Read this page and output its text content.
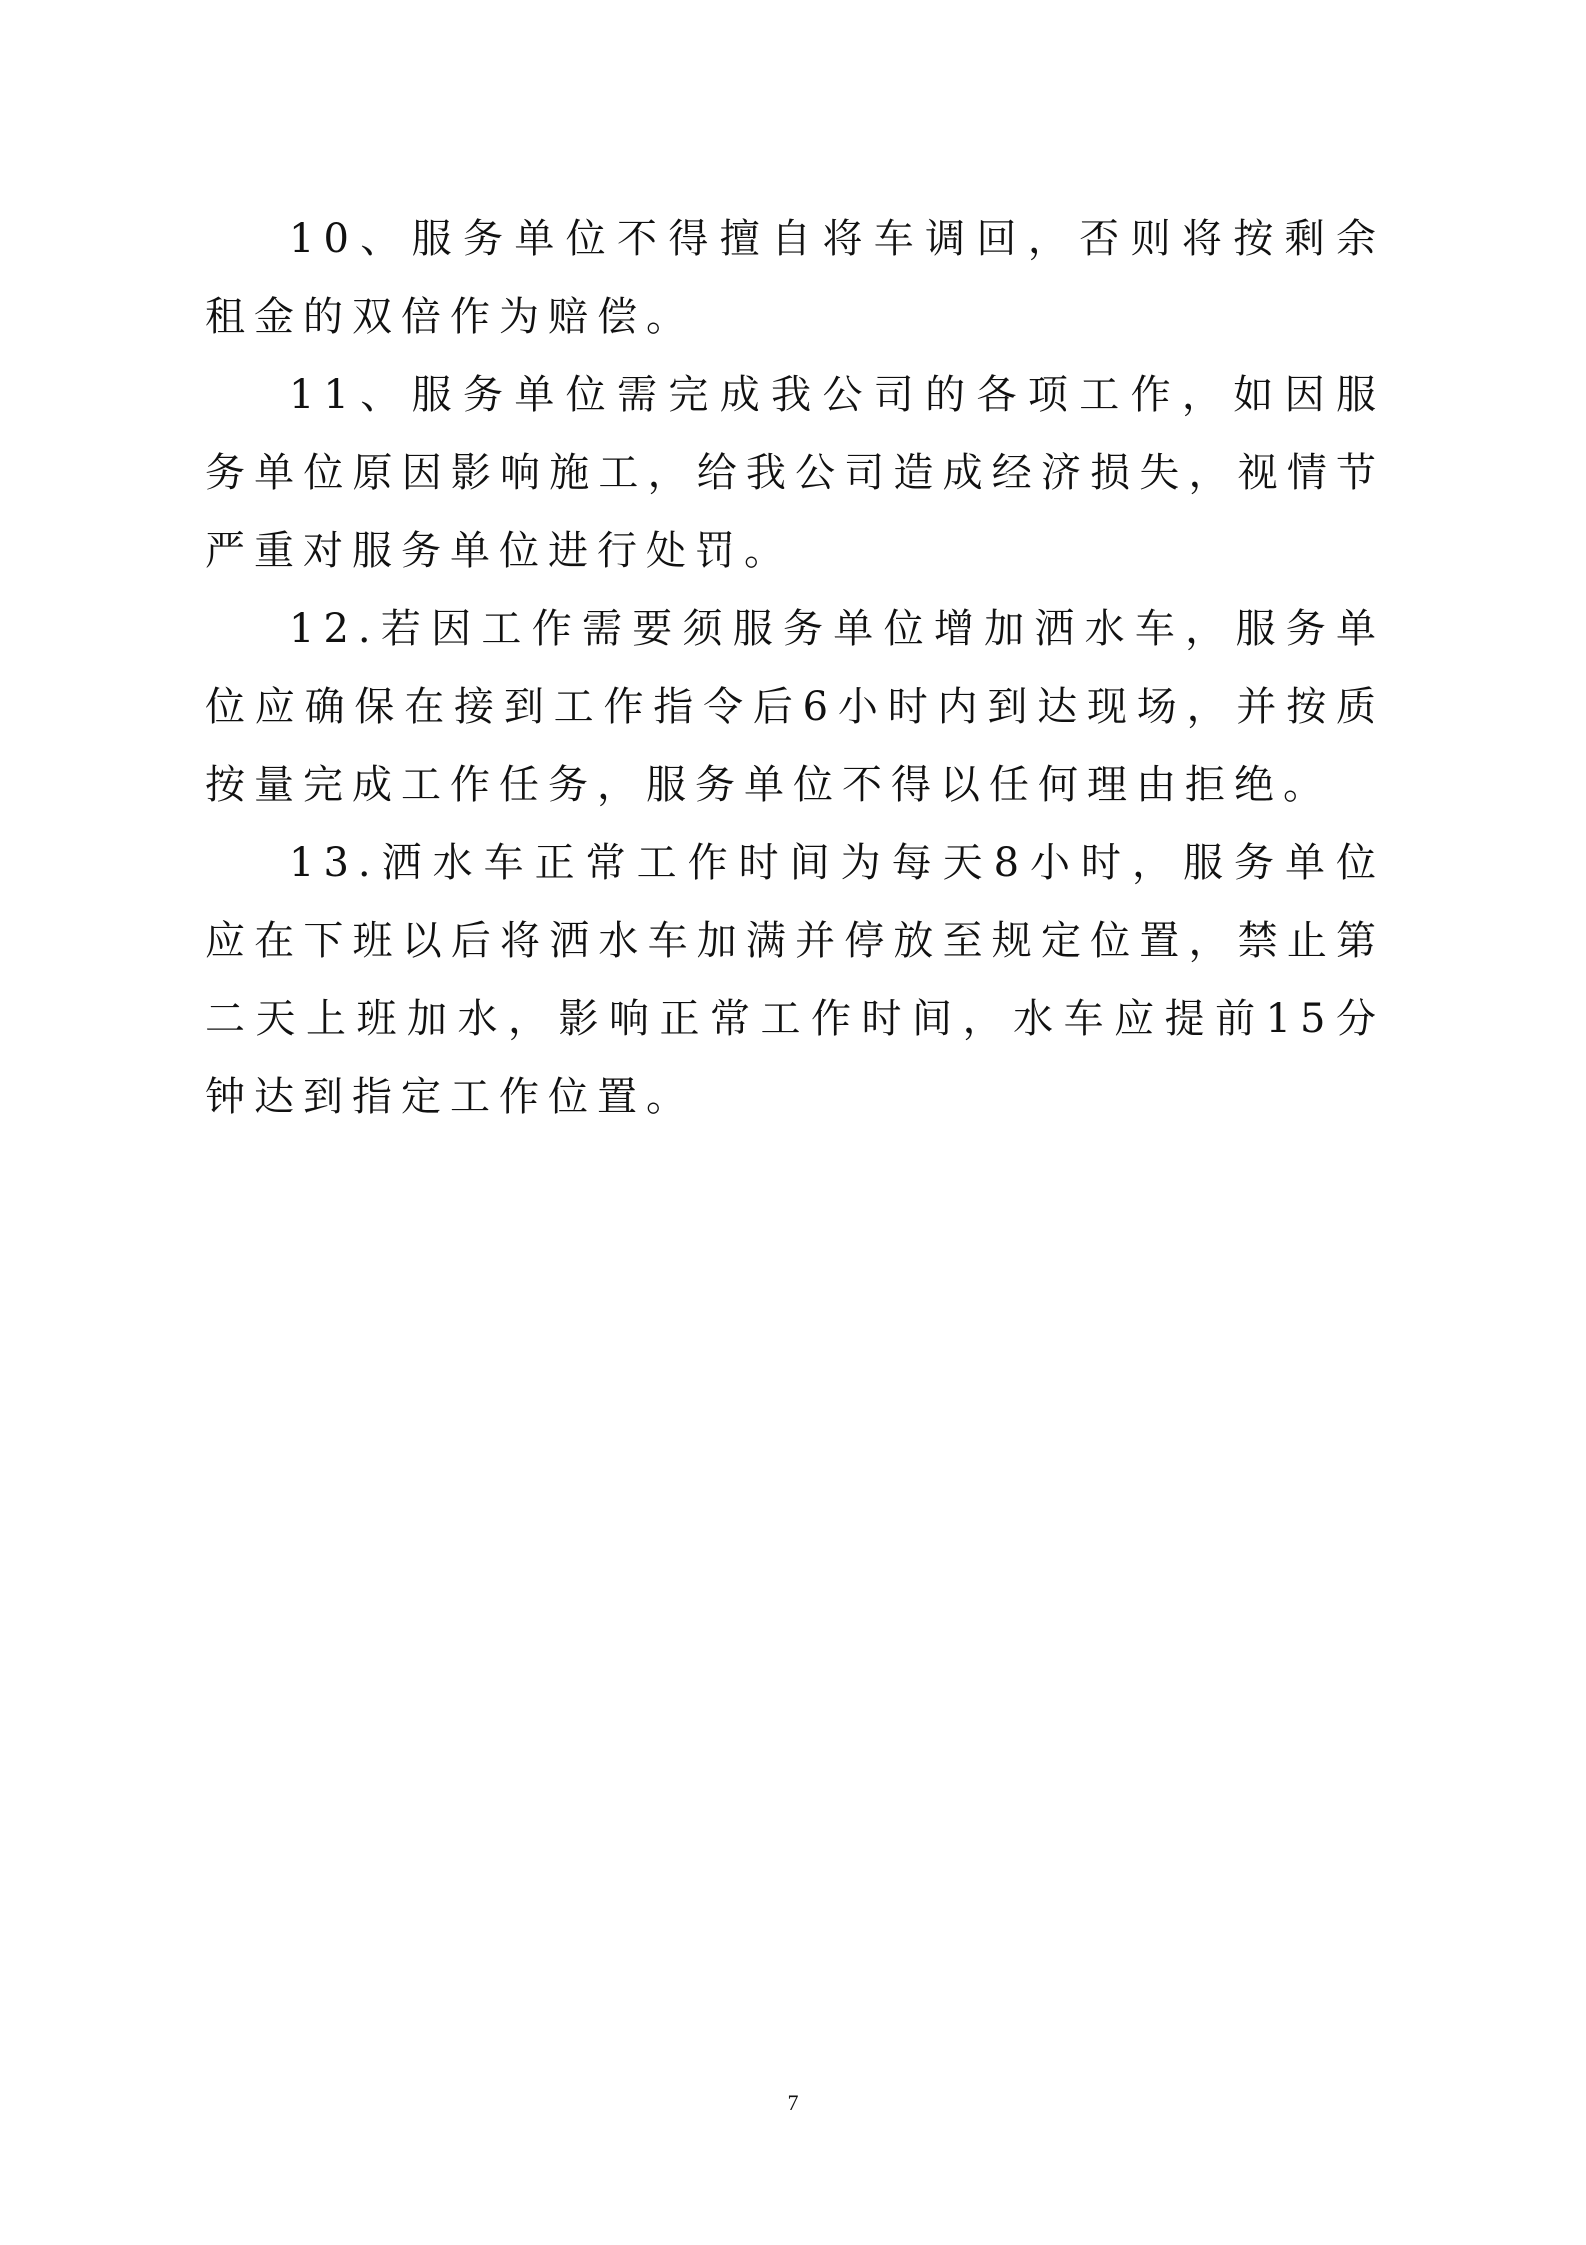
10、服务单位不得擅自将车调回，否则将按剩余租金的双倍作为赔偿。

11、服务单位需完成我公司的各项工作，如因服务单位原因影响施工，给我公司造成经济损失，视情节严重对服务单位进行处罚。

12.若因工作需要须服务单位增加洒水车，服务单位应确保在接到工作指令后6小时内到达现场，并按质按量完成工作任务，服务单位不得以任何理由拒绝。

13.洒水车正常工作时间为每天8小时，服务单位应在下班以后将洒水车加满并停放至规定位置，禁止第二天上班加水，影响正常工作时间，水车应提前15分钟达到指定工作位置。

7
